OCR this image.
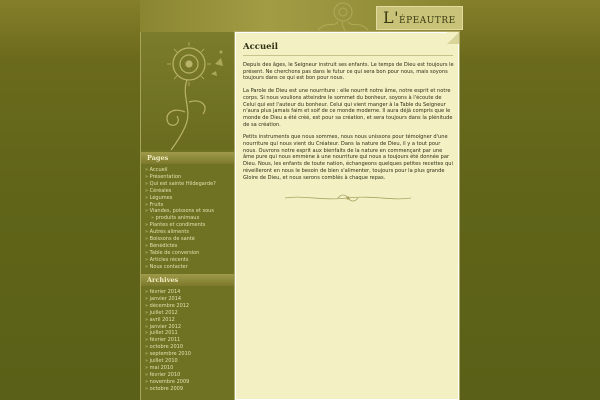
L'épeautre
Pages
» Accueil
» Présentation
» Qui est sainte Hildegarde?
» Céréales
» Légumes
» Fruits
» Viandes, poissons et sous
» produits animaux
» Plantes et condiments
» Autres aliments
» Boissons de santé
» Bénédictés
» Table de conversion
» Articles récents
» Nous contacter
Archives
» février 2014
» janvier 2014
» décembre 2012
» juillet 2012
» avril 2012
» janvier 2012
» juillet 2011
» février 2011
» octobre 2010
» septembre 2010
» juillet 2010
» mai 2010
» février 2010
» novembre 2009
» octobre 2009
Accueil

Depuis des âges, le Seigneur instruit ses enfants. Le temps de Dieu est toujours le présent. Ne cherchons pas dans le futur ce qui sera bon pour nous, mais soyons toujours dans ce qui est bon pour nous.

La Parole de Dieu est une nourriture : elle nourrit notre âme, notre esprit et notre corps. Si nous voulions atteindre le sommet du bonheur, soyons à l'écoute de Celui qui est l'auteur du bonheur. Celui qui vient manger à la Table du Seigneur n'aura plus jamais faim et soif de ce monde moderne. Il aura déjà compris que le monde de Dieu a été créé, est pour sa création, et sera toujours dans la plénitude de sa création.

Petits instruments que nous sommes, nous nous unissons pour témoigner d'une nourriture qui nous vient du Créateur. Dans la nature de Dieu, il y a tout pour nous. Ouvrons notre esprit aux bienfaits de la nature en commençant par une âme pure qui nous emmène à une nourriture qui nous a toujours été donnée par Dieu. Nous, les enfants de toute nation, échangeons quelques petites recettes qui réveilleront en nous le besoin de bien s'alimenter, toujours pour la plus grande Gloire de Dieu, et nous serons comblés à chaque repas.
